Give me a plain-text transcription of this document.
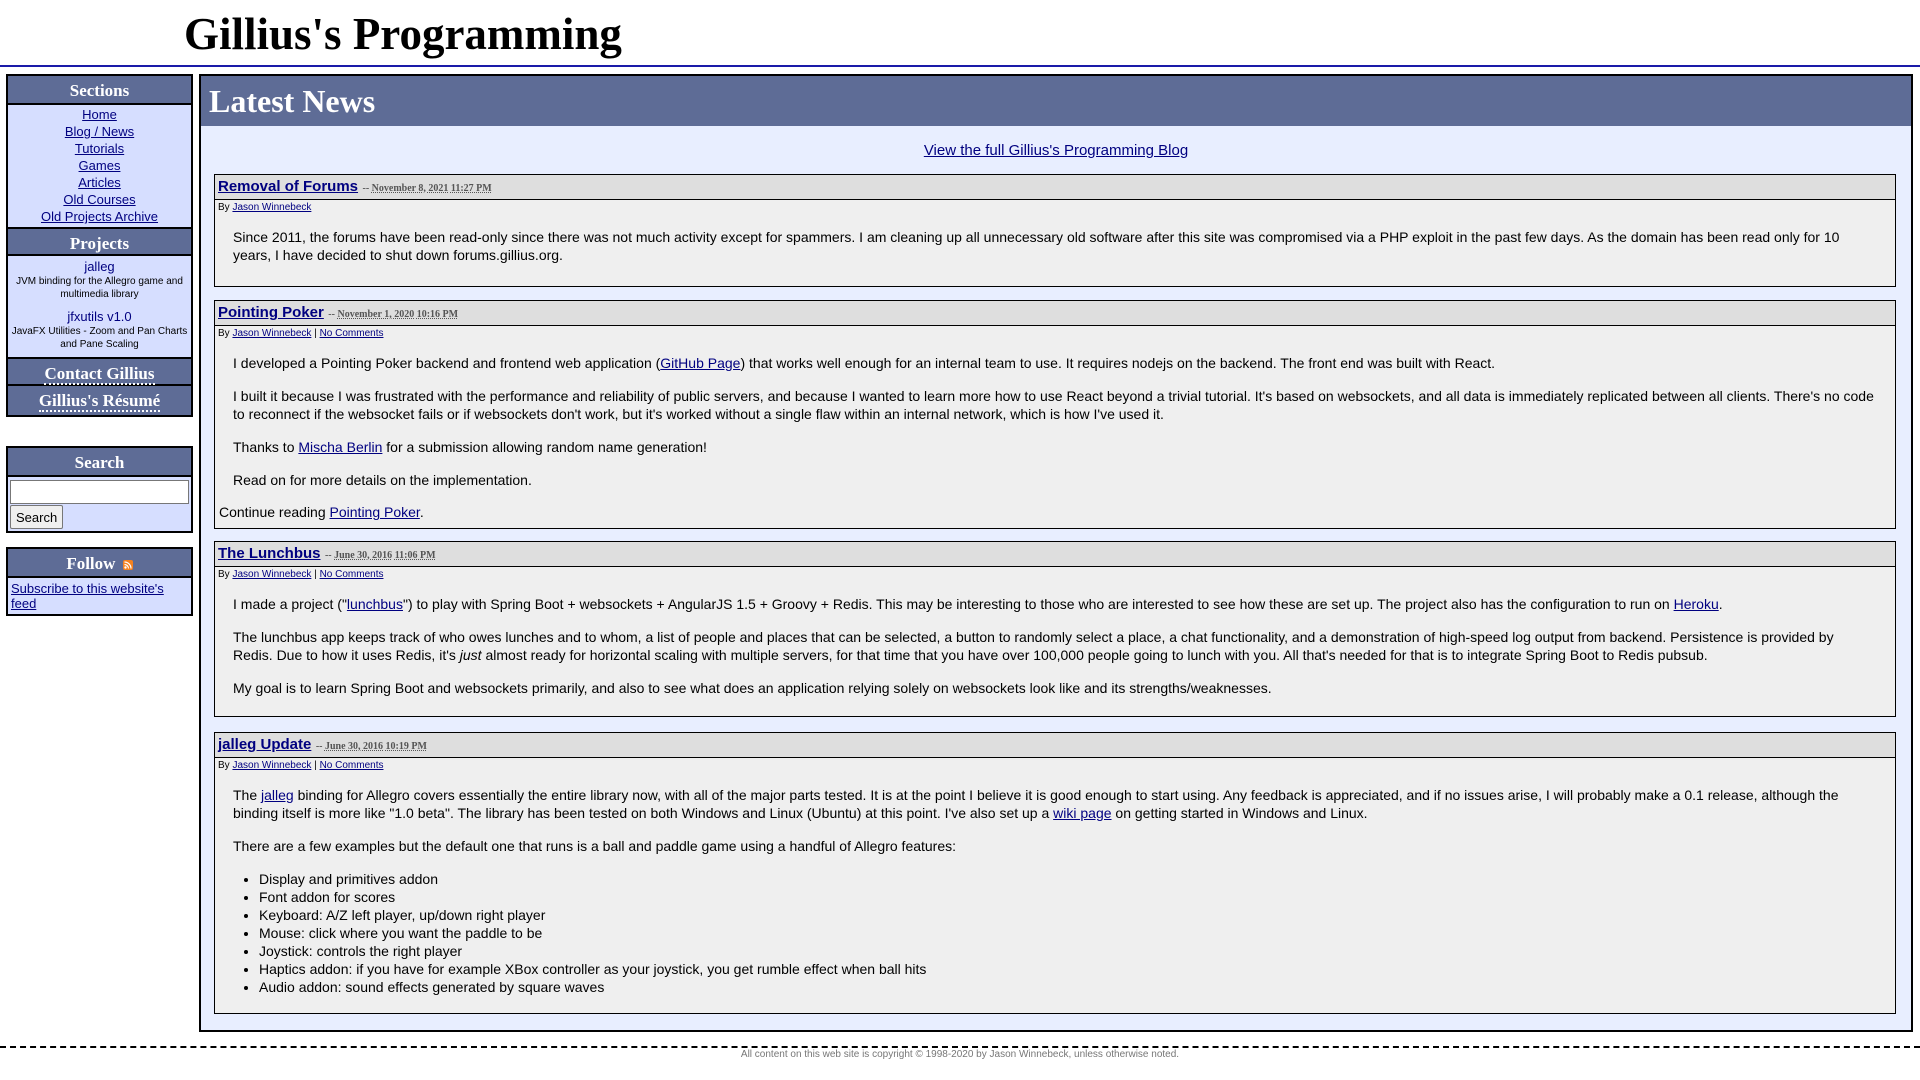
Gillius's Programming
Sections
Home
Blog / News
Tutorials
Games
Articles
Old Courses
Old Projects Archive
Projects
jalleg
JVM binding for the Allegro game and multimedia library
jfxutils v1.0
JavaFX Utilities - Zoom and Pan Charts and Pane Scaling
Contact Gillius
Gillius's Résumé
Search
Search
Follow
Subscribe to this website's feed
Latest News
View the full Gillius's Programming Blog
Removal of Forums -- November 8, 2021 11:27 PM
By Jason Winnebeck

Since 2011, the forums have been read-only since there was not much activity except for spammers. I am cleaning up all unnecessary old software after this site was compromised via a PHP exploit in the past few days. As the domain has been read only for 10 years, I have decided to shut down forums.gillius.org.

Pointing Poker -- November 1, 2020 10:16 PM
By Jason Winnebeck | No Comments

I developed a Pointing Poker backend and frontend web application (GitHub Page) that works well enough for an internal team to use. It requires nodejs on the backend. The front end was built with React.

I built it because I was frustrated with the performance and reliability of public servers, and because I wanted to learn more how to use React beyond a trivial tutorial. It's based on websockets, and all data is immediately replicated between all clients. There's no code to reconnect if the websocket fails or if websockets don't work, but it's worked without a single flaw within an internal network, which is how I've used it.

Thanks to Mischa Berlin for a submission allowing random name generation!

Read on for more details on the implementation.

Continue reading Pointing Poker.
The Lunchbus -- June 30, 2016 11:06 PM
By Jason Winnebeck | No Comments

I made a project ("lunchbus") to play with Spring Boot + websockets + AngularJS 1.5 + Groovy + Redis. This may be interesting to those who are interested to see how these are set up. The project also has the configuration to run on Heroku.

The lunchbus app keeps track of who owes lunches and to whom, a list of people and places that can be selected, a button to randomly select a place, a chat functionality, and a demonstration of high-speed log output from backend. Persistence is provided by Redis. Due to how it uses Redis, it's just almost ready for horizontal scaling with multiple servers, for that time that you have over 100,000 people going to lunch with you. All that's needed for that is to integrate Spring Boot to Redis pubsub.

My goal is to learn Spring Boot and websockets primarily, and also to see what does an application relying solely on websockets look like and its strengths/weaknesses.

jalleg Update -- June 30, 2016 10:19 PM
By Jason Winnebeck | No Comments

The jalleg binding for Allegro covers essentially the entire library now, with all of the major parts tested. It is at the point I believe it is good enough to start using. Any feedback is appreciated, and if no issues arise, I will probably make a 0.1 release, although the binding itself is more like "1.0 beta". The library has been tested on both Windows and Linux (Ubuntu) at this point. I've also set up a wiki page on getting started in Windows and Linux.

There are a few examples but the default one that runs is a ball and paddle game using a handful of Allegro features:

• Display and primitives addon
• Font addon for scores
• Keyboard: A/Z left player, up/down right player
• Mouse: click where you want the paddle to be
• Joystick: controls the right player
• Haptics addon: if you have for example XBox controller as your joystick, you get rumble effect when ball hits
• Audio addon: sound effects generated by square waves
All content on this web site is copyright © 1998-2020 by Jason Winnebeck, unless otherwise noted.
